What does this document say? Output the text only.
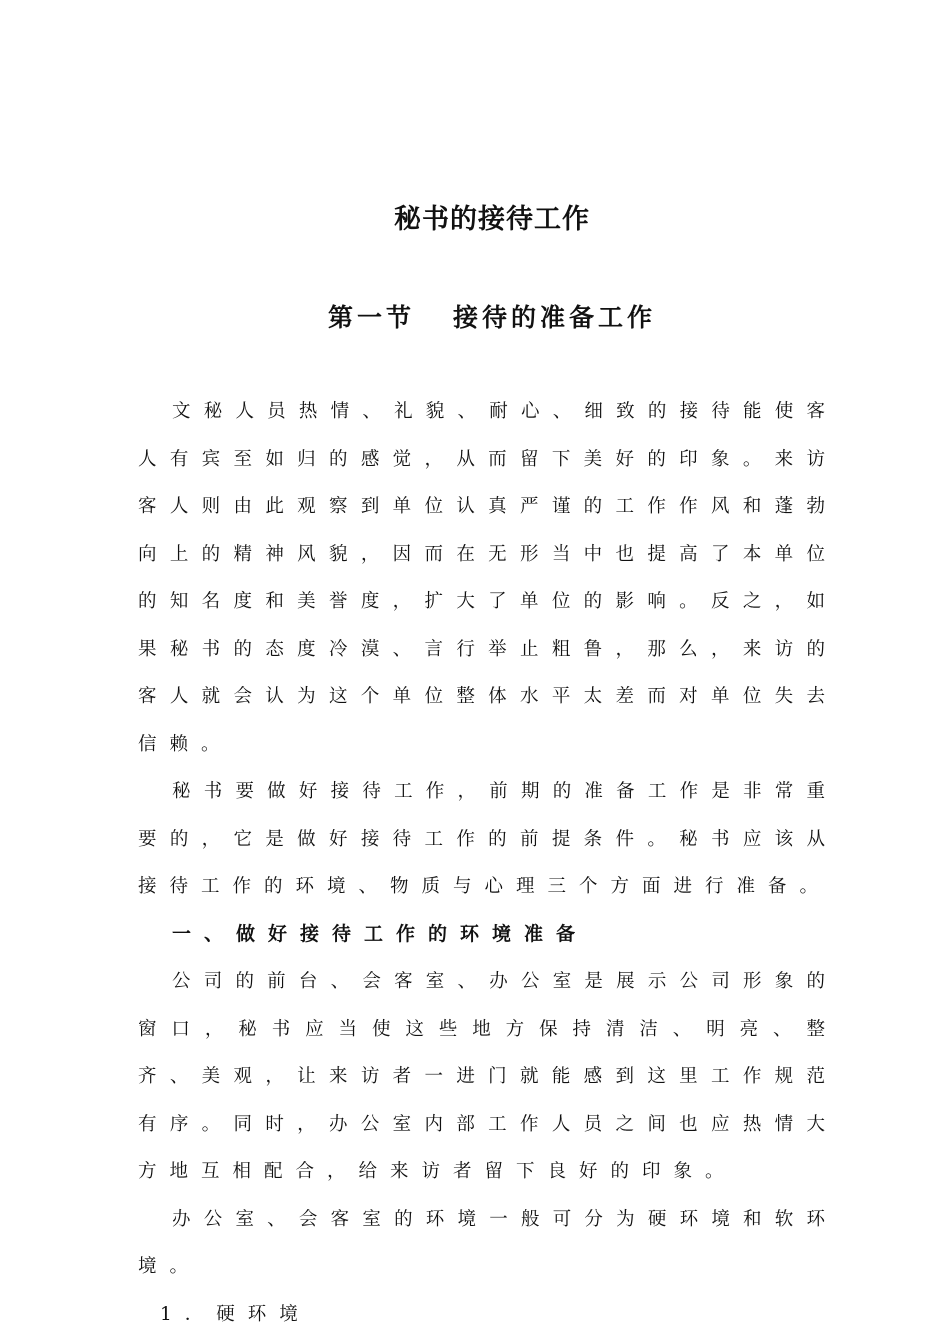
秘书的接待工作
第一节 接待的准备工作

文秘人员热情、礼貌、耐心、细致的接待能使客人有宾至如归的感觉，从而留下美好的印象。来访客人则由此观察到单位认真严谨的工作作风和蓬勃向上的精神风貌，因而在无形当中也提高了本单位的知名度和美誉度，扩大了单位的影响。反之，如果秘书的态度冷漠、言行举止粗鲁，那么，来访的客人就会认为这个单位整体水平太差而对单位失去信赖。

秘书要做好接待工作，前期的准备工作是非常重要的，它是做好接待工作的前提条件。秘书应该从接待工作的环境、物质与心理三个方面进行准备。

一、做好接待工作的环境准备

公司的前台、会客室、办公室是展示公司形象的窗口，秘书应当使这些地方保持清洁、明亮、整齐、美观，让来访者一进门就能感到这里工作规范有序。同时，办公室内部工作人员之间也应热情大方地互相配合，给来访者留下良好的印象。

办公室、会客室的环境一般可分为硬环境和软环境。

1．硬环境
